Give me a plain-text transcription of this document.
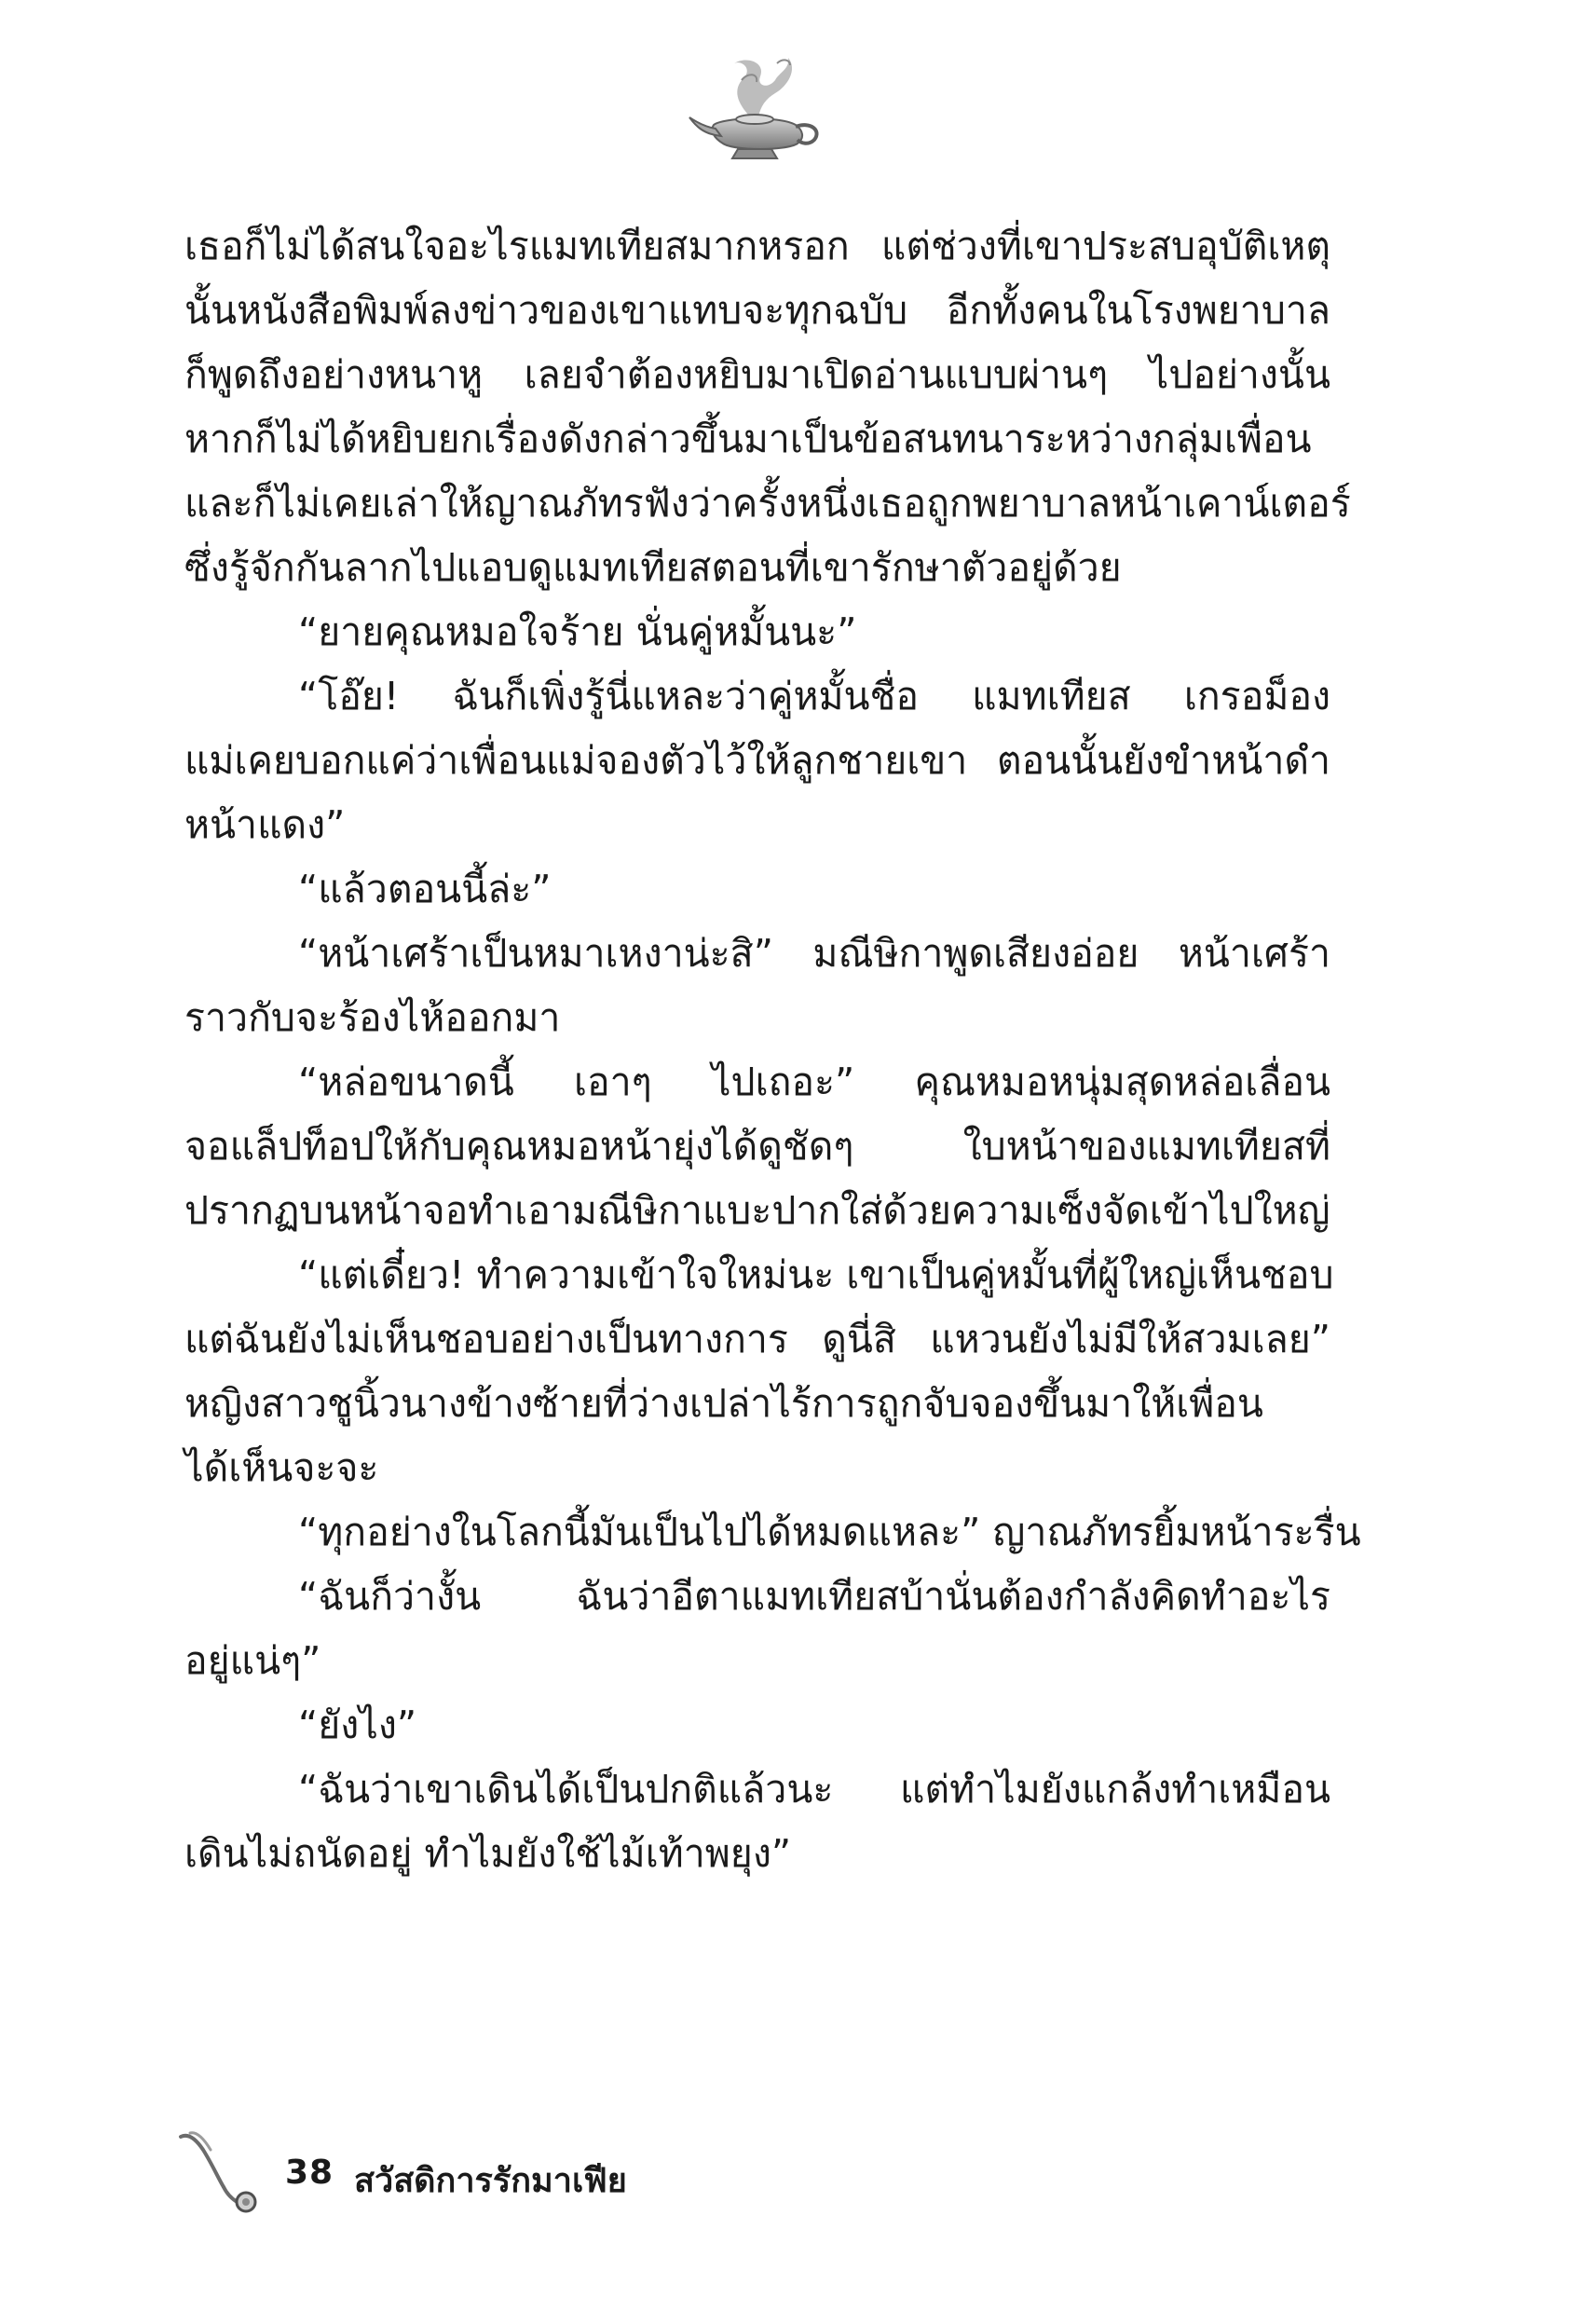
เธอก็ไม่ได้สนใจอะไรแมทเทียสมากหรอก แต่ช่วงที่เขาประสบอุบัติเหตุ
นั้นหนังสือพิมพ์ลงข่าวของเขาแทบจะทุกฉบับ อีกทั้งคนในโรงพยาบาล
ก็พูดถึงอย่างหนาหู เลยจำต้องหยิบมาเปิดอ่านแบบผ่านๆ ไปอย่างนั้น
หากก็ไม่ได้หยิบยกเรื่องดังกล่าวขึ้นมาเป็นข้อสนทนาระหว่างกลุ่มเพื่อน
และก็ไม่เคยเล่าให้ญาณภัทรฟังว่าครั้งหนึ่งเธอถูกพยาบาลหน้าเคาน์เตอร์
ซึ่งรู้จักกันลากไปแอบดูแมทเทียสตอนที่เขารักษาตัวอยู่ด้วย
“ยายคุณหมอใจร้าย นั่นคู่หมั้นนะ”
“โอ๊ย! ฉันก็เพิ่งรู้นี่แหละว่าคู่หมั้นชื่อ แมทเทียส เกรอม็อง
แม่เคยบอกแค่ว่าเพื่อนแม่จองตัวไว้ให้ลูกชายเขา ตอนนั้นยังขำหน้าดำ
หน้าแดง”
“แล้วตอนนี้ล่ะ”
“หน้าเศร้าเป็นหมาเหงาน่ะสิ” มณีษิกาพูดเสียงอ่อย หน้าเศร้า
ราวกับจะร้องไห้ออกมา
“หล่อขนาดนี้ เอาๆ ไปเถอะ” คุณหมอหนุ่มสุดหล่อเลื่อน
จอแล็ปท็อปให้กับคุณหมอหน้ายุ่งได้ดูชัดๆ ใบหน้าของแมทเทียสที่
ปรากฏบนหน้าจอทำเอามณีษิกาแบะปากใส่ด้วยความเซ็งจัดเข้าไปใหญ่
“แต่เดี๋ยว! ทำความเข้าใจใหม่นะ เขาเป็นคู่หมั้นที่ผู้ใหญ่เห็นชอบ
แต่ฉันยังไม่เห็นชอบอย่างเป็นทางการ ดูนี่สิ แหวนยังไม่มีให้สวมเลย”
หญิงสาวชูนิ้วนางข้างซ้ายที่ว่างเปล่าไร้การถูกจับจองขึ้นมาให้เพื่อน
ได้เห็นจะจะ
“ทุกอย่างในโลกนี้มันเป็นไปได้หมดแหละ” ญาณภัทรยิ้มหน้าระรื่น
“ฉันก็ว่างั้น ฉันว่าอีตาแมทเทียสบ้านั่นต้องกำลังคิดทำอะไร
อยู่แน่ๆ”
“ยังไง”
“ฉันว่าเขาเดินได้เป็นปกติแล้วนะ แต่ทำไมยังแกล้งทำเหมือน
เดินไม่ถนัดอยู่ ทำไมยังใช้ไม้เท้าพยุง”
38 สวัสดิการรักมาเฟีย
